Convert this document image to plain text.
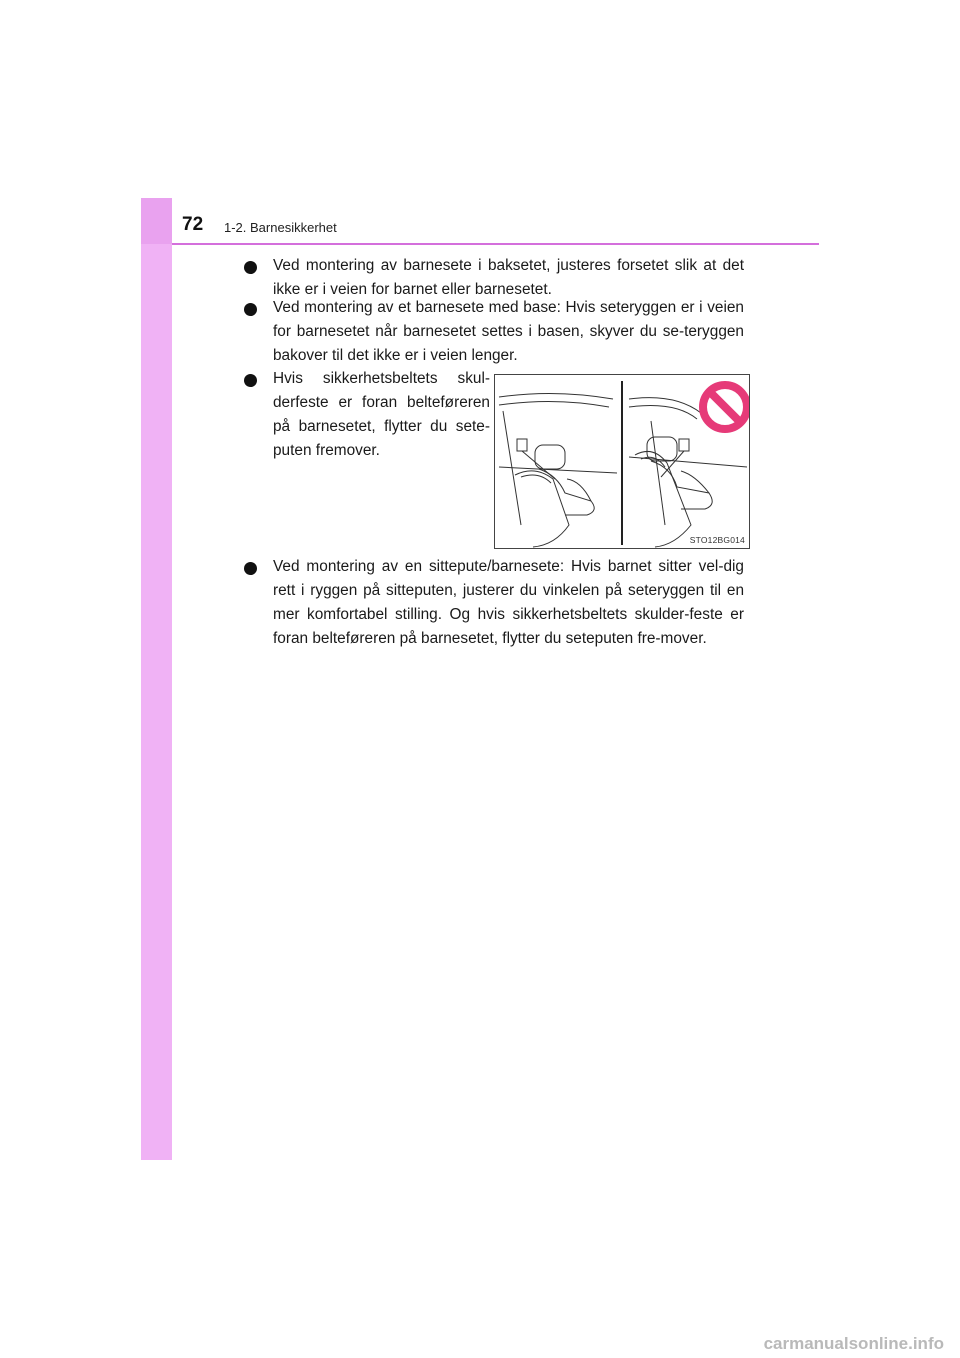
72 1-2. Barnesikkerhet
Ved montering av barnesete i baksetet, justeres forsetet slik at det ikke er i veien for barnet eller barnesetet.
Ved montering av et barnesete med base: Hvis seteryggen er i veien for barnesetet når barnesetet settes i basen, skyver du se-teryggen bakover til det ikke er i veien lenger.
Hvis sikkerhetsbeltets skul-derfeste er foran belteføreren på barnesetet, flytter du sete-puten fremover.
STO12BG014
Ved montering av en sittepute/barnesete: Hvis barnet sitter vel-dig rett i ryggen på sitteputen, justerer du vinkelen på seteryggen til en mer komfortabel stilling. Og hvis sikkerhetsbeltets skulder-feste er foran belteføreren på barnesetet, flytter du seteputen fre-mover.
carmanualsonline.info
